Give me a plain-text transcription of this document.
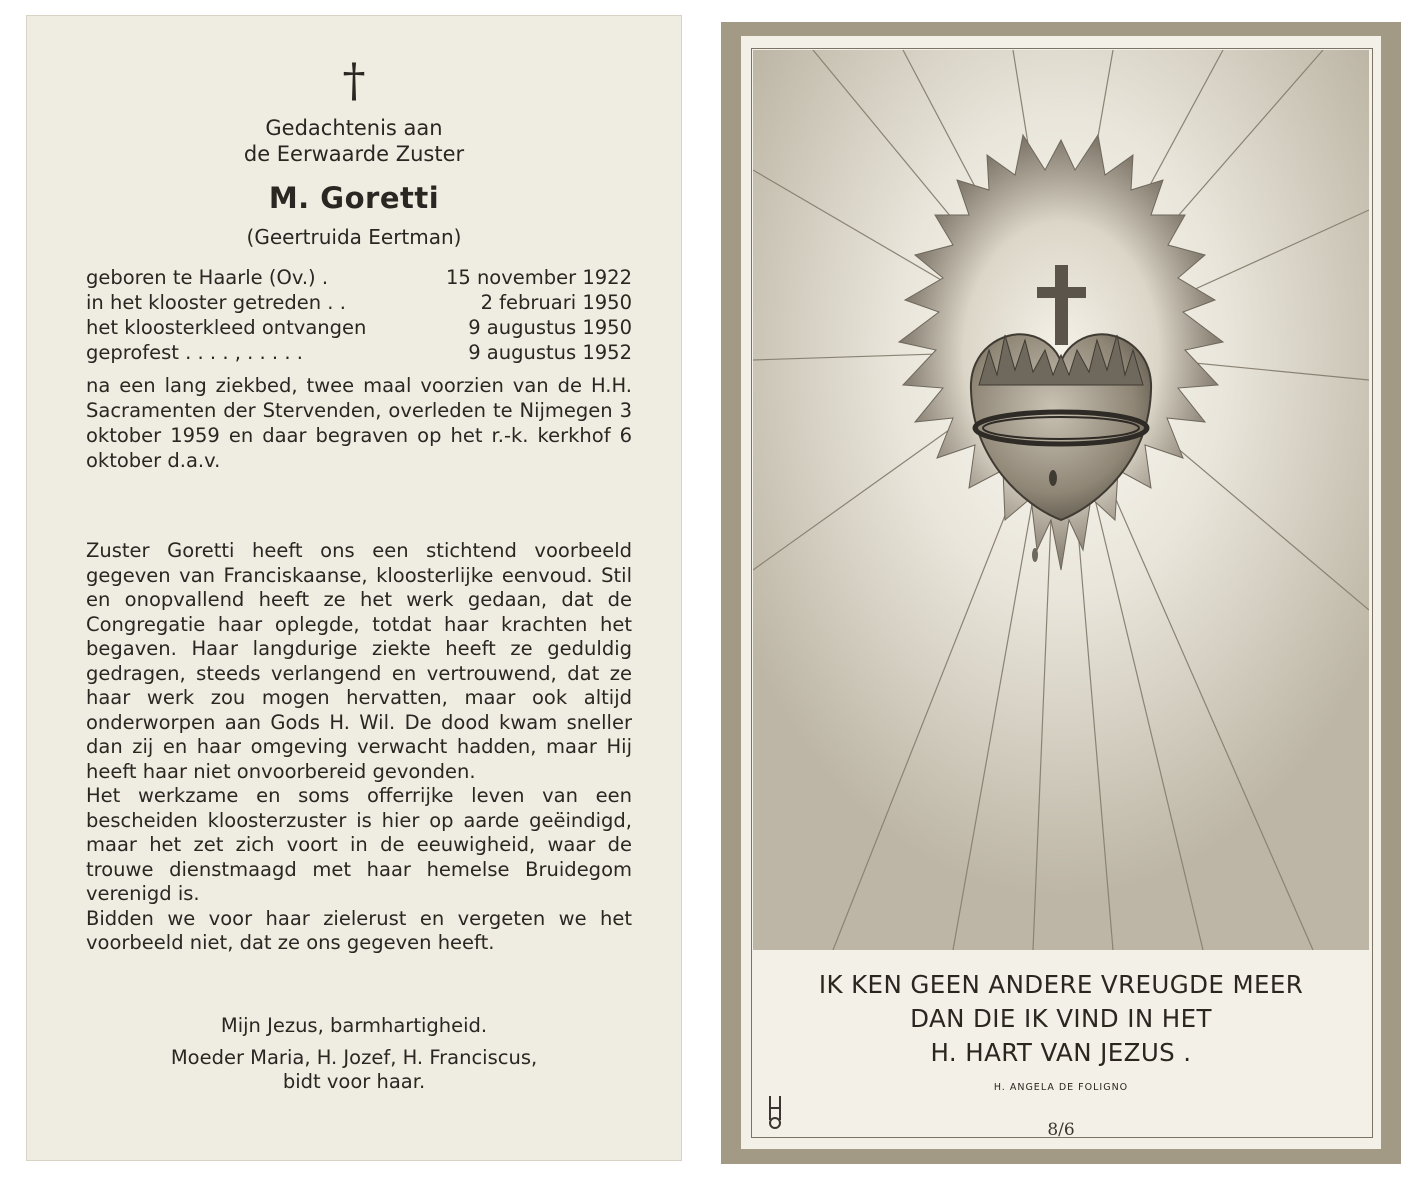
†
Gedachtenis aan
de Eerwaarde Zuster
M. Goretti
(Geertruida Eertman)
geboren te Haarle (Ov.) .	15 november 1922
in het klooster getreden . .	2 februari 1950
het kloosterkleed ontvangen	9 augustus 1950
geprofest . . . . , . . . . .	9 augustus 1952
na een lang ziekbed, twee maal voorzien van de H.H. Sacramenten der Stervenden, overleden te Nijmegen 3 oktober 1959 en daar begraven op het r.-k. kerkhof 6 oktober d.a.v.

Zuster Goretti heeft ons een stichtend voorbeeld gegeven van Franciskaanse, kloosterlijke eenvoud. Stil en onopvallend heeft ze het werk gedaan, dat de Congregatie haar oplegde, totdat haar krachten het begaven. Haar langdurige ziekte heeft ze geduldig gedragen, steeds verlangend en vertrouwend, dat ze haar werk zou mogen hervatten, maar ook altijd onderworpen aan Gods H. Wil. De dood kwam sneller dan zij en haar omgeving verwacht hadden, maar Hij heeft haar niet onvoorbereid gevonden.

Het werkzame en soms offerrijke leven van een bescheiden kloosterzuster is hier op aarde geëindigd, maar het zet zich voort in de eeuwigheid, waar de trouwe dienstmaagd met haar hemelse Bruidegom verenigd is.

Bidden we voor haar zielerust en vergeten we het voorbeeld niet, dat ze ons gegeven heeft.

Mijn Jezus, barmhartigheid.
Moeder Maria, H. Jozef, H. Franciscus,
bidt voor haar.
IK KEN GEEN ANDERE VREUGDE MEER
DAN DIE IK VIND IN HET
H. HART VAN JEZUS .
H. ANGELA DE FOLIGNO
8/6
